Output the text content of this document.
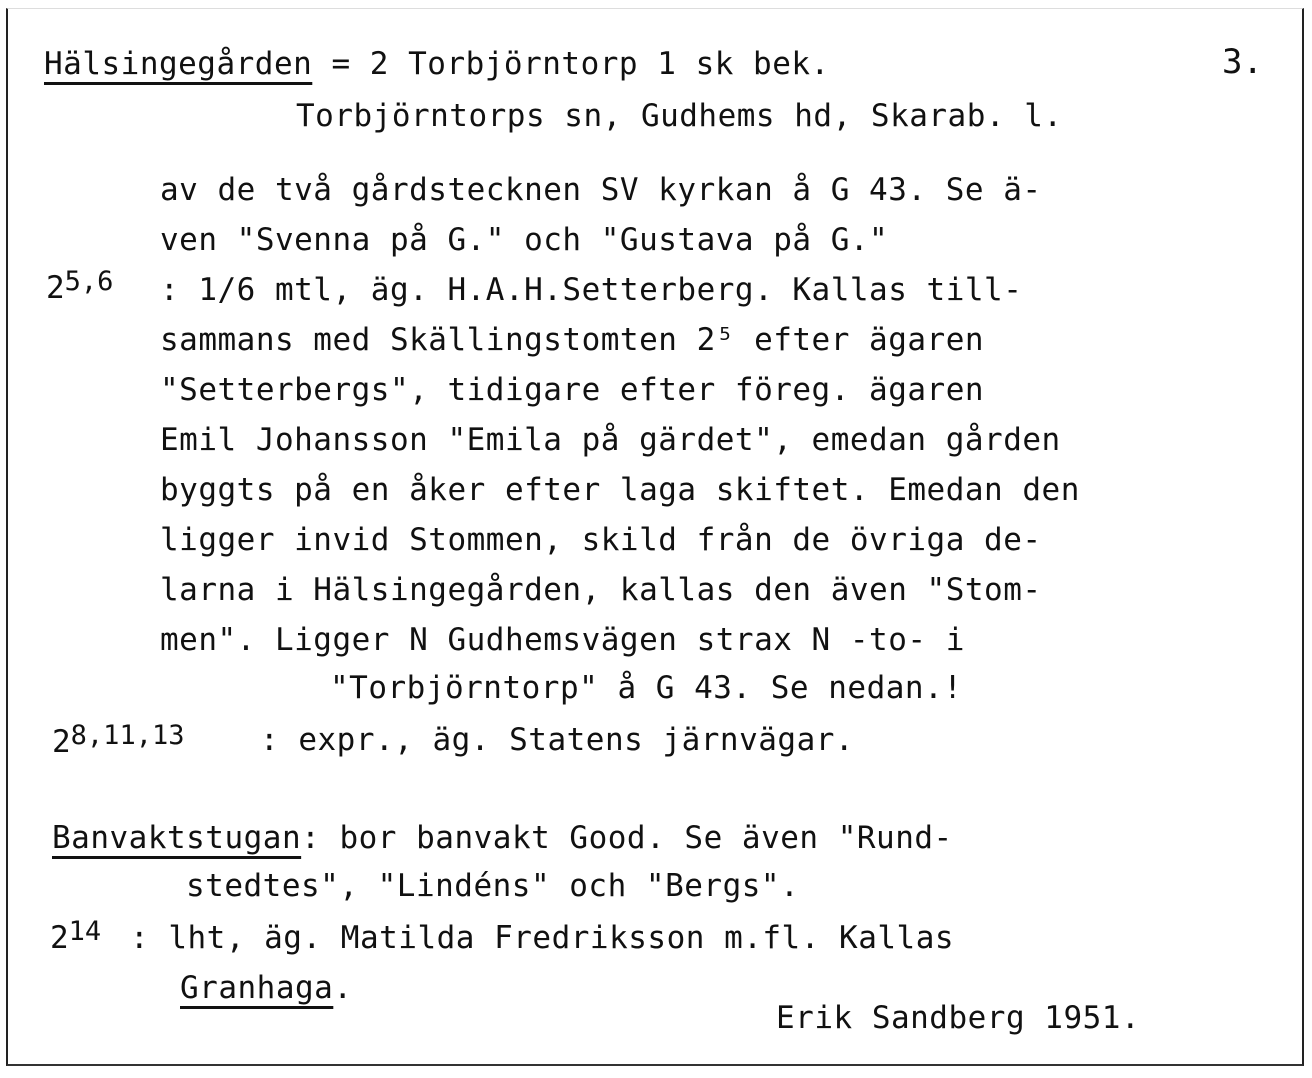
Hälsingegården = 2 Torbjörntorp 1 sk bek.	3.
Torbjörntorps sn, Gudhems hd, Skarab. l.
av de två gårdstecknen SV kyrkan å G 43. Se ä-
ven "Svenna på G." och "Gustava på G."
2$^{5,6}$ : 1/6 mtl, äg. H.A.H.Setterberg. Kallas till-
sammans med Skällingstomten 2⁵ efter ägaren
"Setterbergs", tidigare efter föreg. ägaren
Emil Johansson "Emila på gärdet", emedan gården
byggts på en åker efter laga skiftet. Emedan den
ligger invid Stommen, skild från de övriga de-
larna i Hälsingegården, kallas den även "Stom-
men". Ligger N Gudhemsvägen strax N -to- i
"Torbjörntorp" å G 43. Se nedan.!
2$^{8,11,13}$ : expr., äg. Statens järnvägar.
Banvaktstugan: bor banvakt Good. Se även "Rund-
stedtes", "Lindéns" och "Bergs".
$2^{14}$ : lht, äg. Matilda Fredriksson m.fl. Kallas
Granhaga.
Erik Sandberg 1951.
